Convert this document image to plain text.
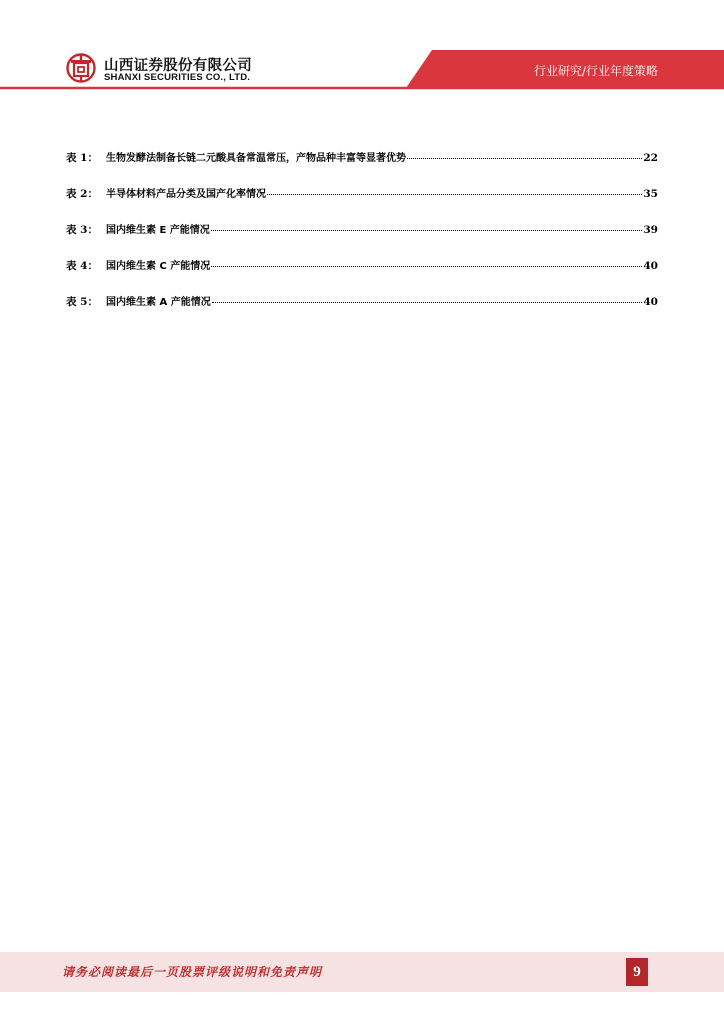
山西证券股份有限公司
SHANXI SECURITIES CO., LTD.	行业研究/行业年度策略
表 1： 生物发酵法制备长链二元酸具备常温常压，产物品种丰富等显著优势	22
表 2： 半导体材料产品分类及国产化率情况	35
表 3： 国内维生素 E 产能情况	39
表 4： 国内维生素 C 产能情况	40
表 5： 国内维生素 A 产能情况	40
请务必阅读最后一页股票评级说明和免责声明	9
